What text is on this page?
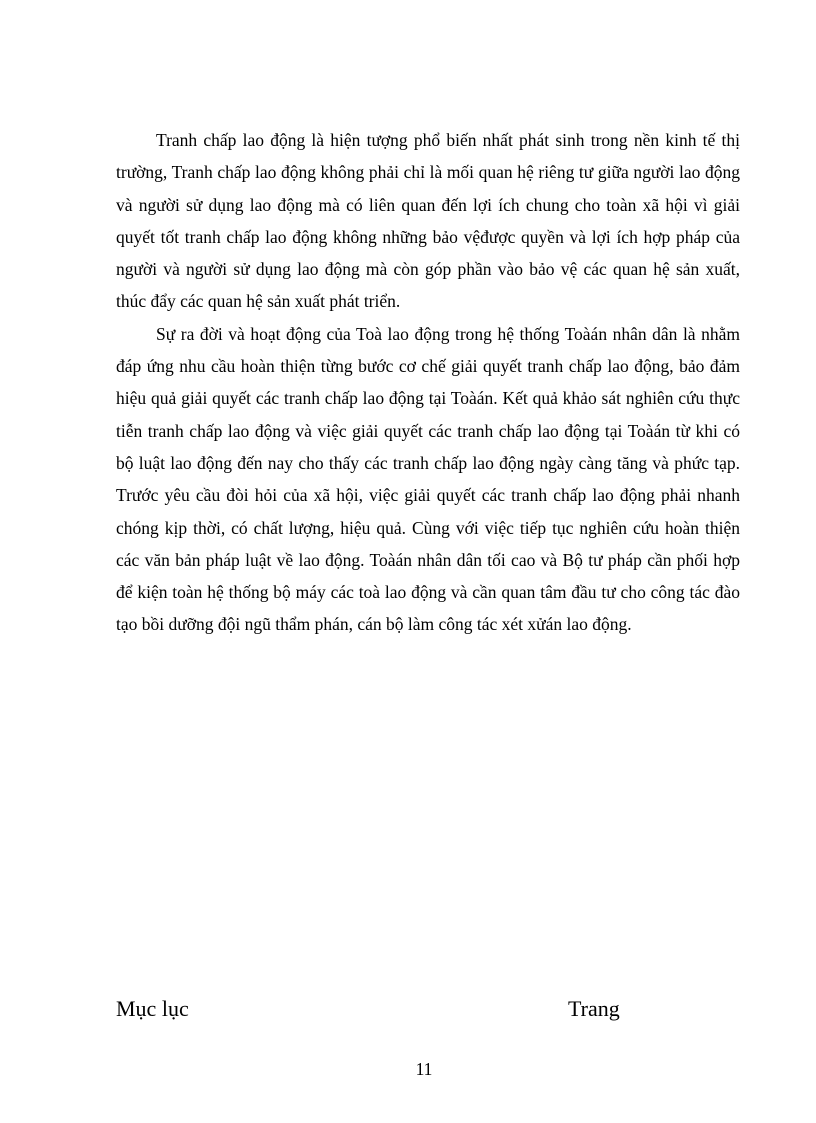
Tranh chấp lao động là hiện tượng phổ biến nhất phát sinh trong nền kinh tế thị trường, Tranh chấp lao động không phải chỉ là mối quan hệ riêng tư giữa người lao động và người sử dụng lao động mà có liên quan đến lợi ích chung cho toàn xã hội vì giải quyết tốt tranh chấp lao động không những bảo vệđược quyền và lợi ích hợp pháp của người và người sử dụng lao động mà còn góp phần vào bảo vệ các quan hệ sản xuất, thúc đẩy các quan hệ sản xuất phát triển.

Sự ra đời và hoạt động của Toà lao động trong hệ thống Toàán nhân dân là nhằm đáp ứng nhu cầu hoàn thiện từng bước cơ chế giải quyết tranh chấp lao động, bảo đảm hiệu quả giải quyết các tranh chấp lao động tại Toàán. Kết quả khảo sát nghiên cứu thực tiễn tranh chấp lao động và việc giải quyết các tranh chấp lao động tại Toàán từ khi có bộ luật lao động đến nay cho thấy các tranh chấp lao động ngày càng tăng và phức tạp. Trước yêu cầu đòi hỏi của xã hội, việc giải quyết các tranh chấp lao động phải nhanh chóng kịp thời, có chất lượng, hiệu quả. Cùng với việc tiếp tục nghiên cứu hoàn thiện các văn bản pháp luật về lao động. Toàán nhân dân tối cao và Bộ tư pháp cần phối hợp để kiện toàn hệ thống bộ máy các toà lao động và cần quan tâm đầu tư cho công tác đào tạo bồi dưỡng đội ngũ thẩm phán, cán bộ làm công tác xét xửán lao động.

Mục lục	Trang
11
